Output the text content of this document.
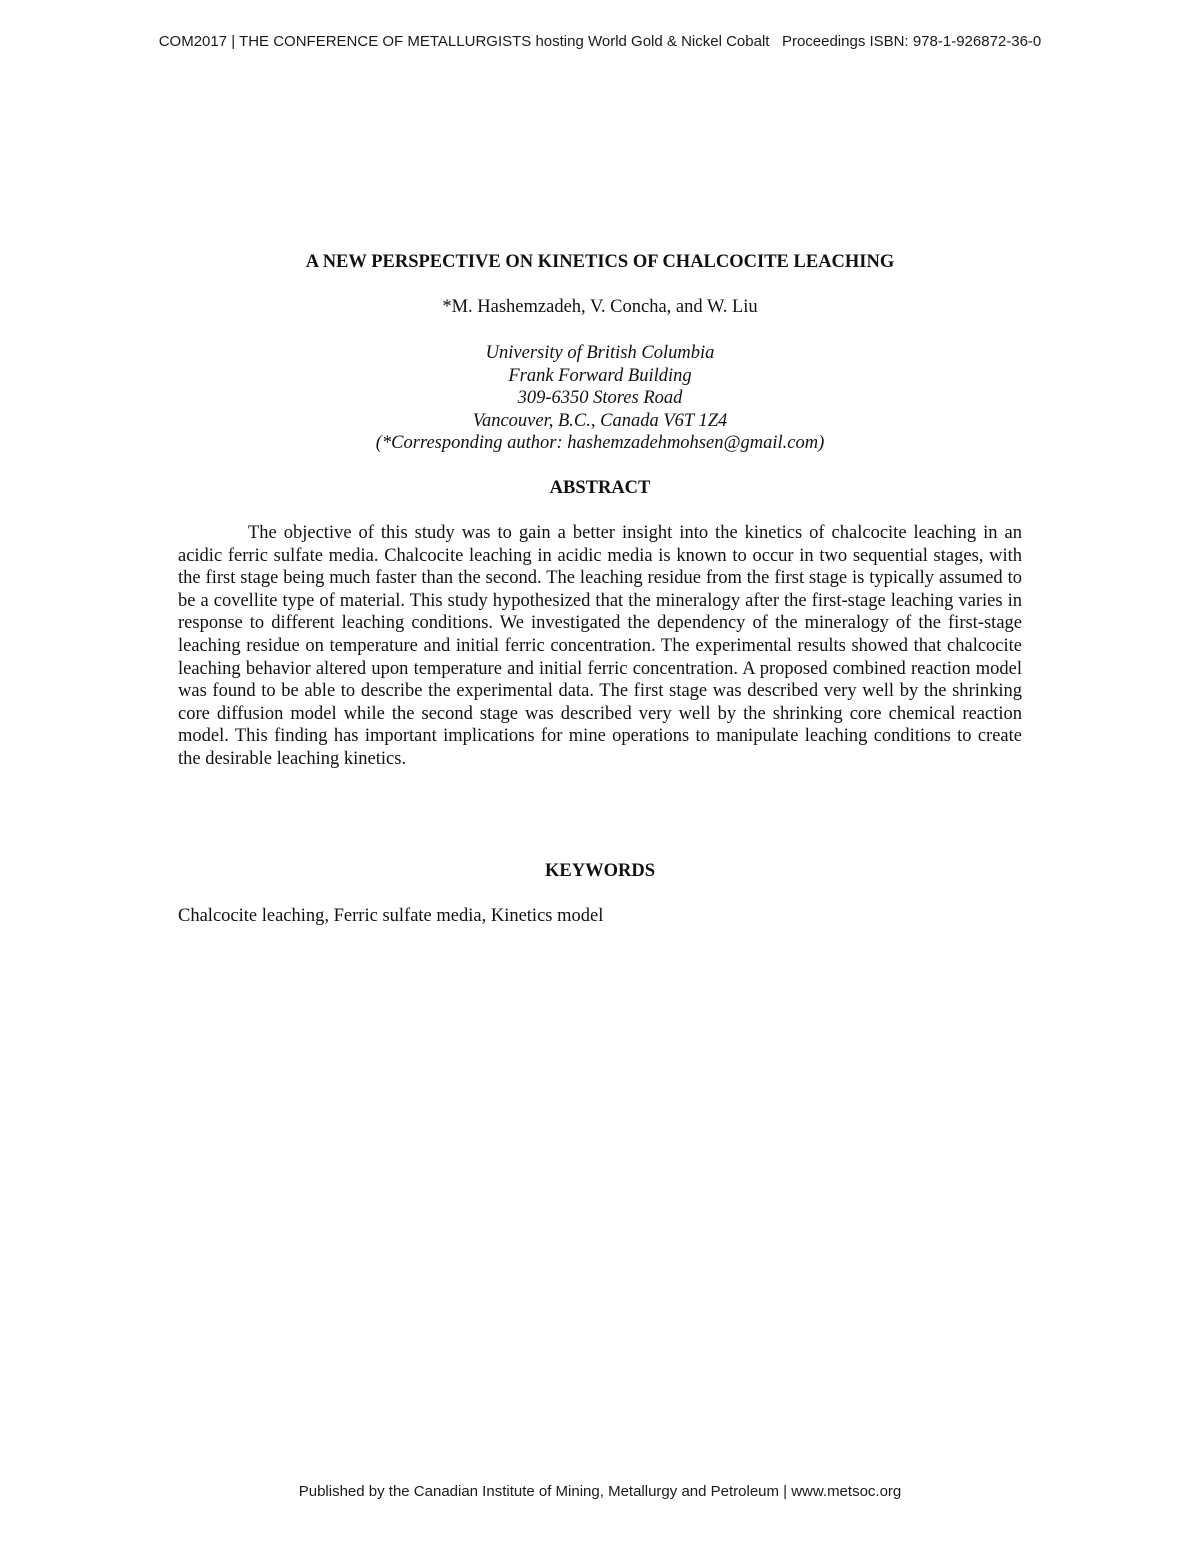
COM2017 | THE CONFERENCE OF METALLURGISTS hosting World Gold & Nickel Cobalt   Proceedings ISBN: 978-1-926872-36-0
A NEW PERSPECTIVE ON KINETICS OF CHALCOCITE LEACHING

*M. Hashemzadeh, V. Concha, and W. Liu

University of British Columbia
Frank Forward Building
309-6350 Stores Road
Vancouver, B.C., Canada V6T 1Z4
(*Corresponding author: hashemzadehmohsen@gmail.com)
ABSTRACT

The objective of this study was to gain a better insight into the kinetics of chalcocite leaching in an acidic ferric sulfate media. Chalcocite leaching in acidic media is known to occur in two sequential stages, with the first stage being much faster than the second. The leaching residue from the first stage is typically assumed to be a covellite type of material. This study hypothesized that the mineralogy after the first-stage leaching varies in response to different leaching conditions. We investigated the dependency of the mineralogy of the first-stage leaching residue on temperature and initial ferric concentration. The experimental results showed that chalcocite leaching behavior altered upon temperature and initial ferric concentration. A proposed combined reaction model was found to be able to describe the experimental data. The first stage was described very well by the shrinking core diffusion model while the second stage was described very well by the shrinking core chemical reaction model. This finding has important implications for mine operations to manipulate leaching conditions to create the desirable leaching kinetics.

KEYWORDS

Chalcocite leaching, Ferric sulfate media, Kinetics model

Published by the Canadian Institute of Mining, Metallurgy and Petroleum | www.metsoc.org
